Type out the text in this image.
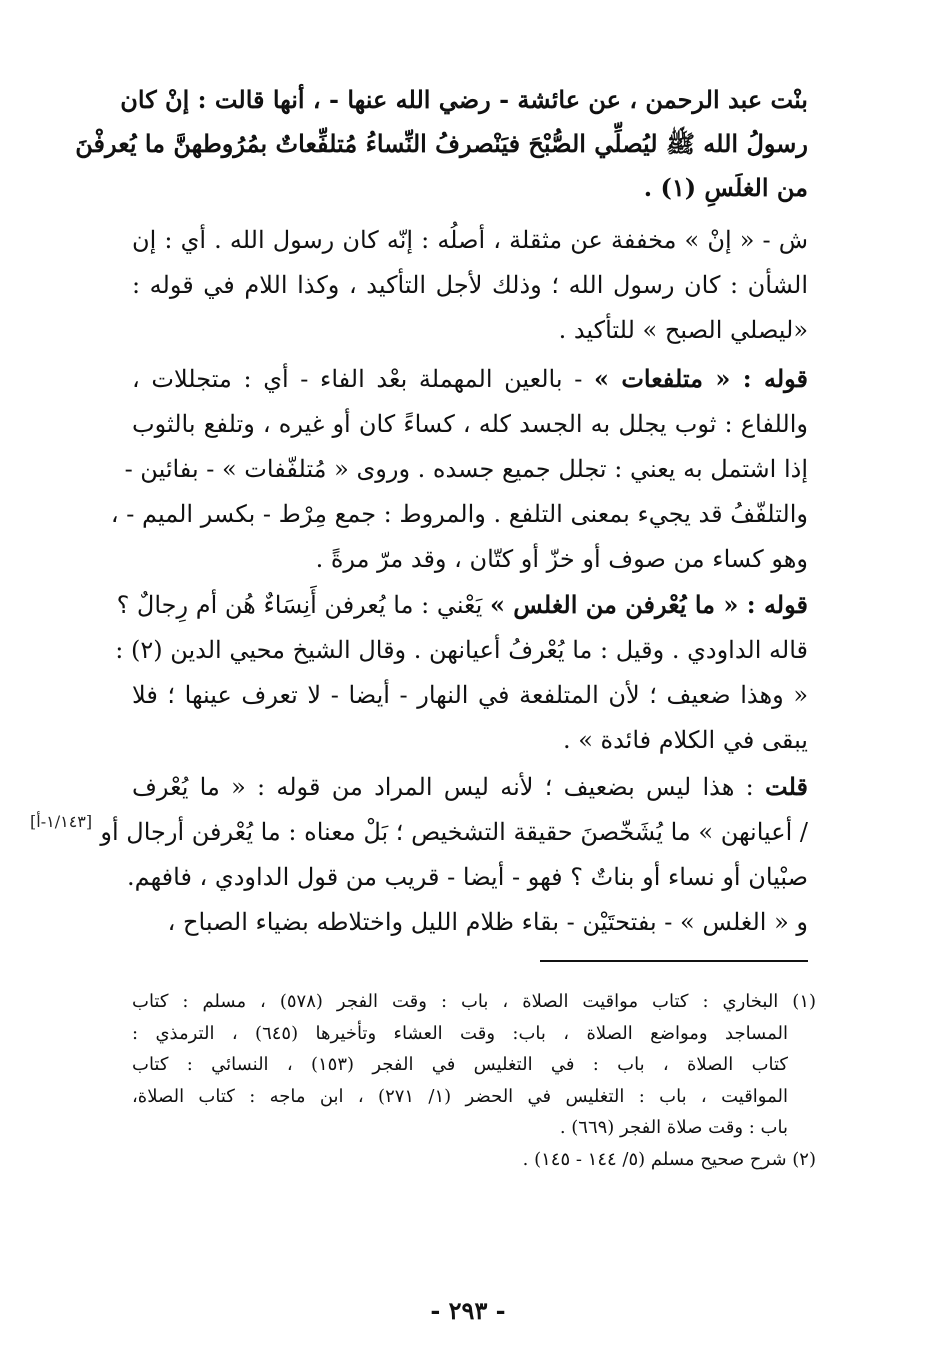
بنْت عبد الرحمن ، عن عائشة - رضي الله عنها - ، أنها قالت : إنْ كان
رسولُ الله ﷺ ليُصلِّي الصُّبْحَ فيَنْصرفُ النِّساءُ مُتلفِّعاتٌ بمُرُوطهنَّ ما يُعرفْنَ
من الغلَسِ (١) .
ش - « إنْ » مخففة عن مثقلة ، أصلُه : إنّه كان رسول الله . أي : إن
الشأن : كان رسول الله ؛ وذلك لأجل التأكيد ، وكذا اللام في قوله :
«ليصلي الصبح » للتأكيد .
قوله : « متلفعات » - بالعين المهملة بعْد الفاء - أي : متجللات ،
واللفاع : ثوب يجلل به الجسد كله ، كساءً كان أو غيره ، وتلفع بالثوب
إذا اشتمل به يعني : تجلل جميع جسده . وروى « مُتلفّفات » - بفائين -
والتلفّفُ قد يجيء بمعنى التلفع . والمروط : جمع مِرْط - بكسر الميم - ،
وهو كساء من صوف أو خزّ أو كتّان ، وقد مرّ مرةً .
قوله : « ما يُعْرفن من الغلس » يَعْني : ما يُعرفن أَنِسَاءٌ هُن أم رِجالٌ ؟
قاله الداودي . وقيل : ما يُعْرفُ أعيانهن . وقال الشيخ محيي الدين (٢) :
« وهذا ضعيف ؛ لأن المتلفعة في النهار - أيضا - لا تعرف عينها ؛ فلا
يبقى في الكلام فائدة » .
قلت : هذا ليس بضعيف ؛ لأنه ليس المراد من قوله : « ما يُعْرف
/ أعيانهن » ما يُشَخّصنَ حقيقة التشخيص ؛ بَلْ معناه : ما يُعْرفن أرجال أو
صبْيان أو نساء أو بناتٌ ؟ فهو - أيضا - قريب من قول الداودي ، فافهم.
و « الغلس » - بفتحتَيْن - بقاء ظلام الليل واختلاطه بضياء الصباح ،
[١/١٤٣-أ]
(١) البخاري : كتاب مواقيت الصلاة ، باب : وقت الفجر (٥٧٨) ، مسلم : كتاب
المساجد ومواضع الصلاة ، باب: وقت العشاء وتأخيرها (٦٤٥) ، الترمذي :
كتاب الصلاة ، باب : في التغليس في الفجر (١٥٣) ، النسائي : كتاب
المواقيت ، باب : التغليس في الحضر (١/ ٢٧١) ، ابن ماجه : كتاب الصلاة،
باب : وقت صلاة الفجر (٦٦٩) .
(٢) شرح صحيح مسلم (٥/ ١٤٤ - ١٤٥) .
- ٢٩٣ -
